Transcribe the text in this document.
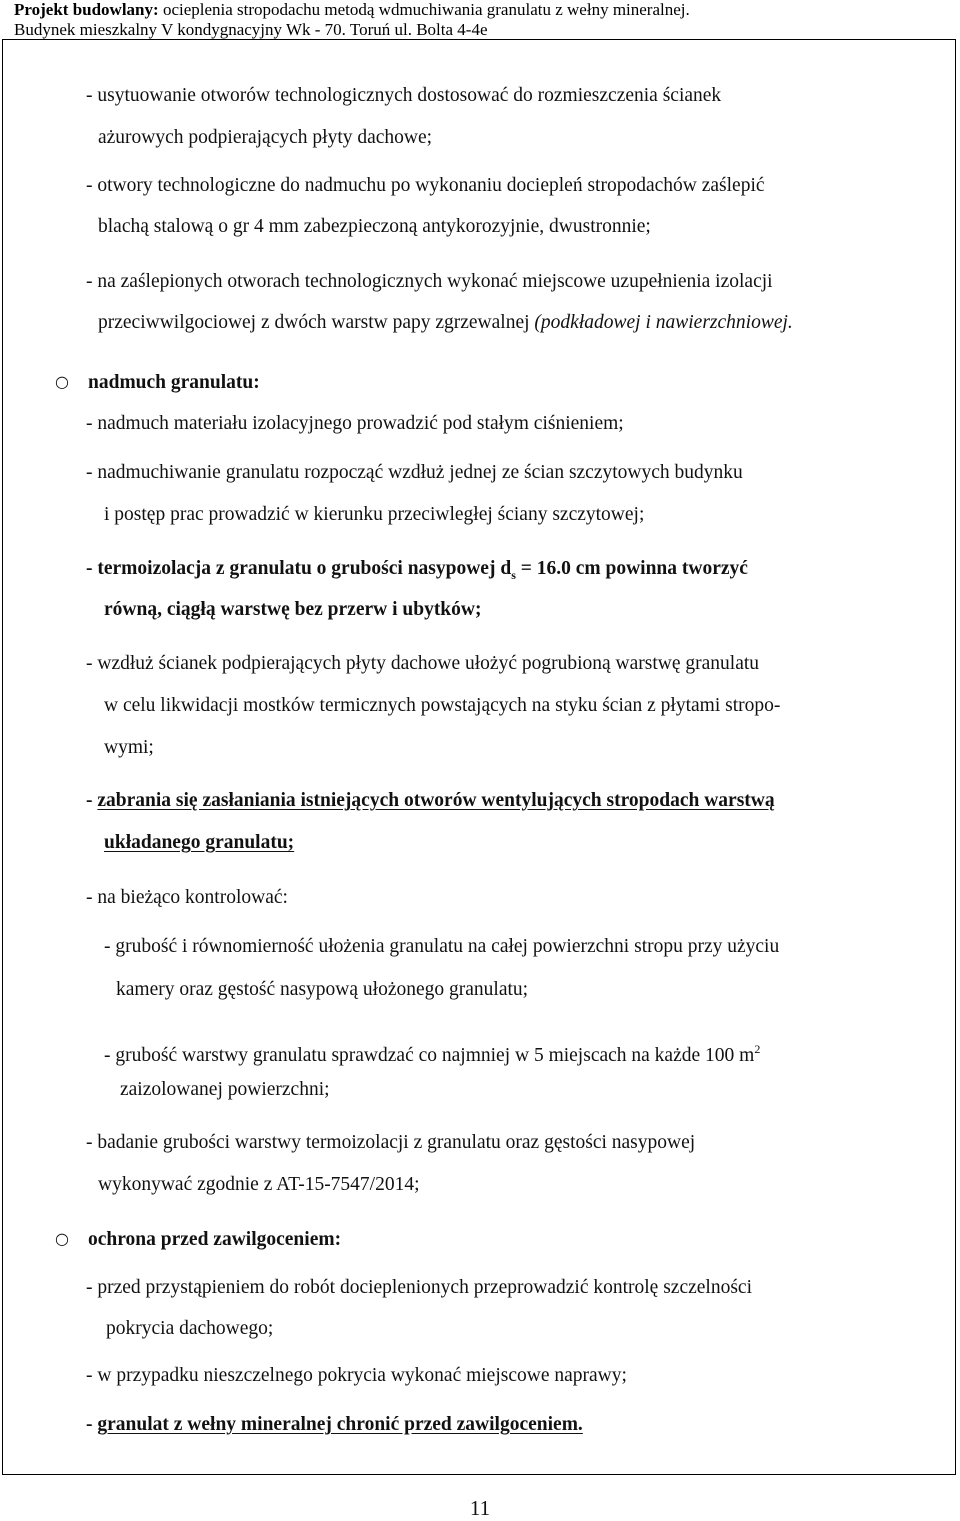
Projekt budowlany: ocieplenia stropodachu metodą wdmuchiwania granulatu z wełny mineralnej.
Budynek mieszkalny V kondygnacyjny Wk - 70. Toruń ul. Bolta 4-4e
- usytuowanie otworów technologicznych dostosować do rozmieszczenia ścianek
ażurowych podpierających płyty dachowe;
- otwory technologiczne do nadmuchu po wykonaniu dociepleń stropodachów zaślepić
blachą stalową o gr 4 mm zabezpieczoną antykorozyjnie, dwustronnie;
- na zaślepionych otworach technologicznych wykonać miejscowe uzupełnienia izolacji
przeciwwilgociowej z dwóch warstw papy zgrzewalnej (podkładowej i nawierzchniowej.
○ nadmuch granulatu:
- nadmuch materiału izolacyjnego prowadzić pod stałym ciśnieniem;
- nadmuchiwanie granulatu rozpocząć wzdłuż jednej ze ścian szczytowych budynku
i postęp prac prowadzić w kierunku przeciwległej ściany szczytowej;
- termoizolacja z granulatu o grubości nasypowej $d_s = 16.0$ cm powinna tworzyć
równą, ciągłą warstwę bez przerw i ubytków;
- wzdłuż ścianek podpierających płyty dachowe ułożyć pogrubioną warstwę granulatu
w celu likwidacji mostków termicznych powstających na styku ścian z płytami stropo-
wymi;
- zabrania się zasłaniania istniejących otworów wentylujących stropodach warstwą
układanego granulatu;
- na bieżąco kontrolować:
- grubość i równomierność ułożenia granulatu na całej powierzchni stropu przy użyciu
kamery oraz gęstość nasypową ułożonego granulatu;
- grubość warstwy granulatu sprawdzać co najmniej w 5 miejscach na każde 100 $m^2$
zaizolowanej powierzchni;
- badanie grubości warstwy termoizolacji z granulatu oraz gęstości nasypowej
wykonywać zgodnie z AT-15-7547/2014;
○ ochrona przed zawilgoceniem:
- przed przystąpieniem do robót docieplenionych przeprowadzić kontrolę szczelności
pokrycia dachowego;
- w przypadku nieszczelnego pokrycia wykonać miejscowe naprawy;
- granulat z wełny mineralnej chronić przed zawilgoceniem.
11
